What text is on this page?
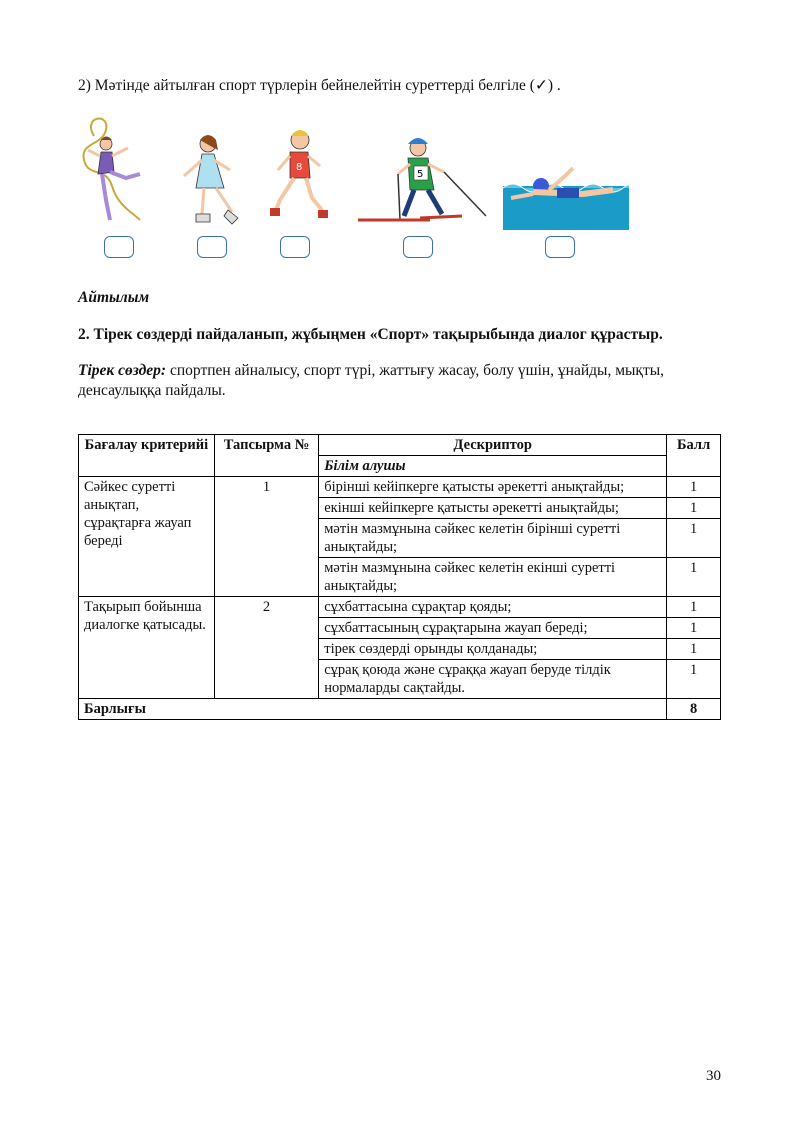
2) Мәтінде айтылған спорт түрлерін бейнелейтін суреттерді белгіле (✓) .
8
5
Айтылым
2. Тірек сөздерді пайдаланып, жұбыңмен «Спорт» тақырыбында диалог құрастыр.
Тірек сөздер: спортпен айналысу, спорт түрі, жаттығу жасау, болу үшін, ұнайды, мықты, денсаулыққа пайдалы.
Бағалау критерийі	Тапсырма №	Дескриптор	Балл
		Білім алушы	
Сәйкес суретті анықтап, сұрақтарға жауап береді	1	бірінші кейіпкерге қатысты әрекетті анықтайды;	1
		екінші кейіпкерге қатысты әрекетті анықтайды;	1
		мәтін мазмұнына сәйкес келетін бірінші суретті анықтайды;	1
		мәтін мазмұнына сәйкес келетін екінші суретті анықтайды;	1
Тақырып бойынша диалогке қатысады.	2	сұхбаттасына сұрақтар қояды;	1
		сұхбаттасының сұрақтарына жауап береді;	1
		тірек сөздерді орынды қолданады;	1
		сұрақ қоюда және сұраққа жауап беруде тілдік нормаларды сақтайды.	1
Барлығы			8
30
